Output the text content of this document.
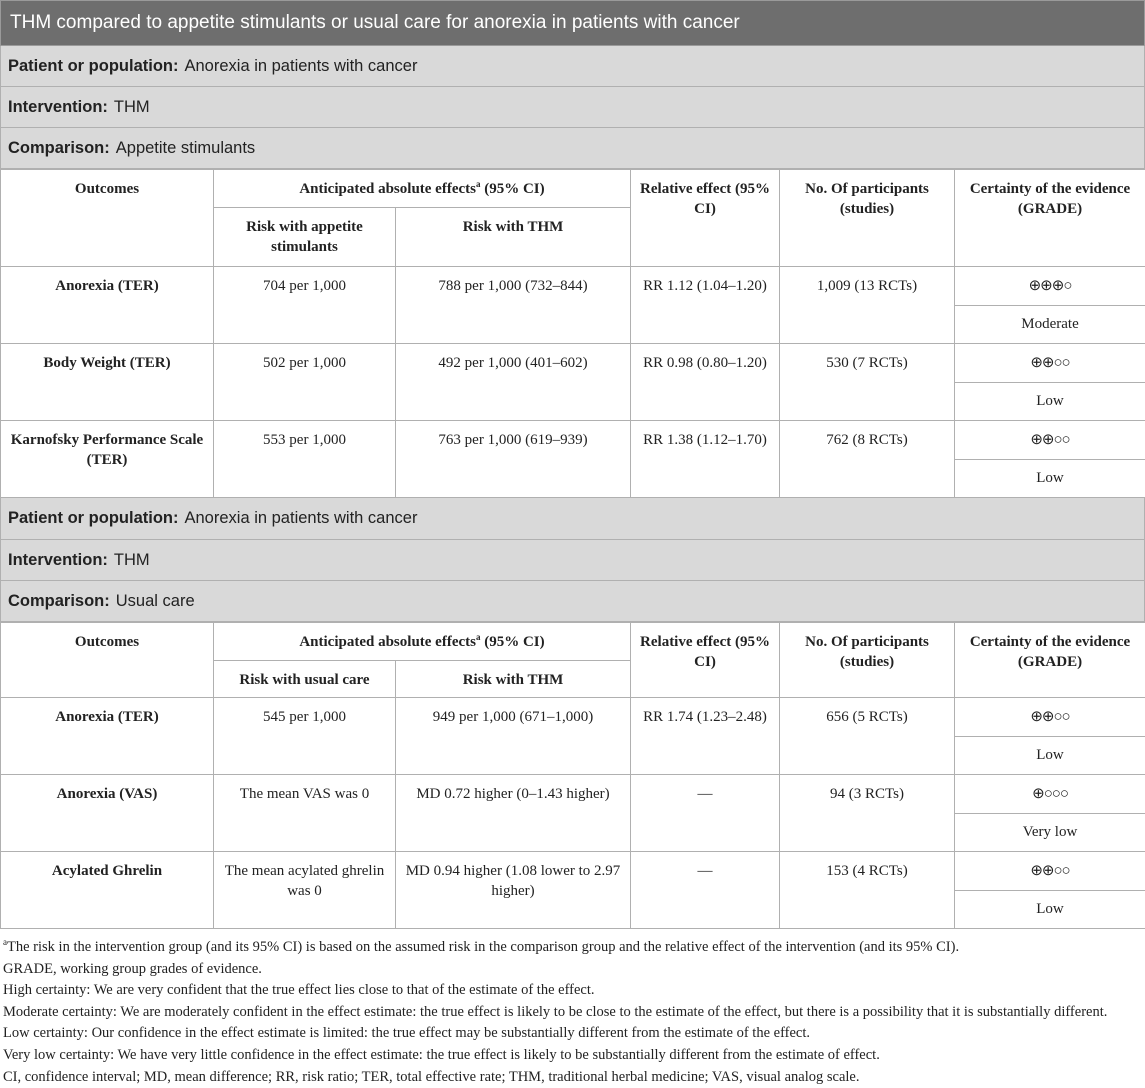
THM compared to appetite stimulants or usual care for anorexia in patients with cancer
Patient or population: Anorexia in patients with cancer
Intervention: THM
Comparison: Appetite stimulants
Outcomes	Anticipated absolute effects$^a$ (95% CI)		Relative effect (95% CI)	No. Of participants (studies)	Certainty of the evidence (GRADE)
	Risk with appetite stimulants	Risk with THM			
Anorexia (TER)	704 per 1,000	788 per 1,000 (732–844)	RR 1.12 (1.04–1.20)	1,009 (13 RCTs)	⊕⊕⊕○
					Moderate
Body Weight (TER)	502 per 1,000	492 per 1,000 (401–602)	RR 0.98 (0.80–1.20)	530 (7 RCTs)	⊕⊕○○
					Low
Karnofsky Performance Scale (TER)	553 per 1,000	763 per 1,000 (619–939)	RR 1.38 (1.12–1.70)	762 (8 RCTs)	⊕⊕○○
					Low
Patient or population: Anorexia in patients with cancer
Intervention: THM
Comparison: Usual care
Outcomes	Anticipated absolute effects$^a$ (95% CI)		Relative effect (95% CI)	No. Of participants (studies)	Certainty of the evidence (GRADE)
	Risk with usual care	Risk with THM			
Anorexia (TER)	545 per 1,000	949 per 1,000 (671–1,000)	RR 1.74 (1.23–2.48)	656 (5 RCTs)	⊕⊕○○
					Low
Anorexia (VAS)	The mean VAS was 0	MD 0.72 higher (0–1.43 higher)	—	94 (3 RCTs)	⊕○○○
					Very low
Acylated Ghrelin	The mean acylated ghrelin was 0	MD 0.94 higher (1.08 lower to 2.97 higher)	—	153 (4 RCTs)	⊕⊕○○
					Low
$^a$The risk in the intervention group (and its 95% CI) is based on the assumed risk in the comparison group and the relative effect of the intervention (and its 95% CI).
GRADE, working group grades of evidence.
High certainty: We are very confident that the true effect lies close to that of the estimate of the effect.
Moderate certainty: We are moderately confident in the effect estimate: the true effect is likely to be close to the estimate of the effect, but there is a possibility that it is substantially different.
Low certainty: Our confidence in the effect estimate is limited: the true effect may be substantially different from the estimate of the effect.
Very low certainty: We have very little confidence in the effect estimate: the true effect is likely to be substantially different from the estimate of effect.
CI, confidence interval; MD, mean difference; RR, risk ratio; TER, total effective rate; THM, traditional herbal medicine; VAS, visual analog scale.
